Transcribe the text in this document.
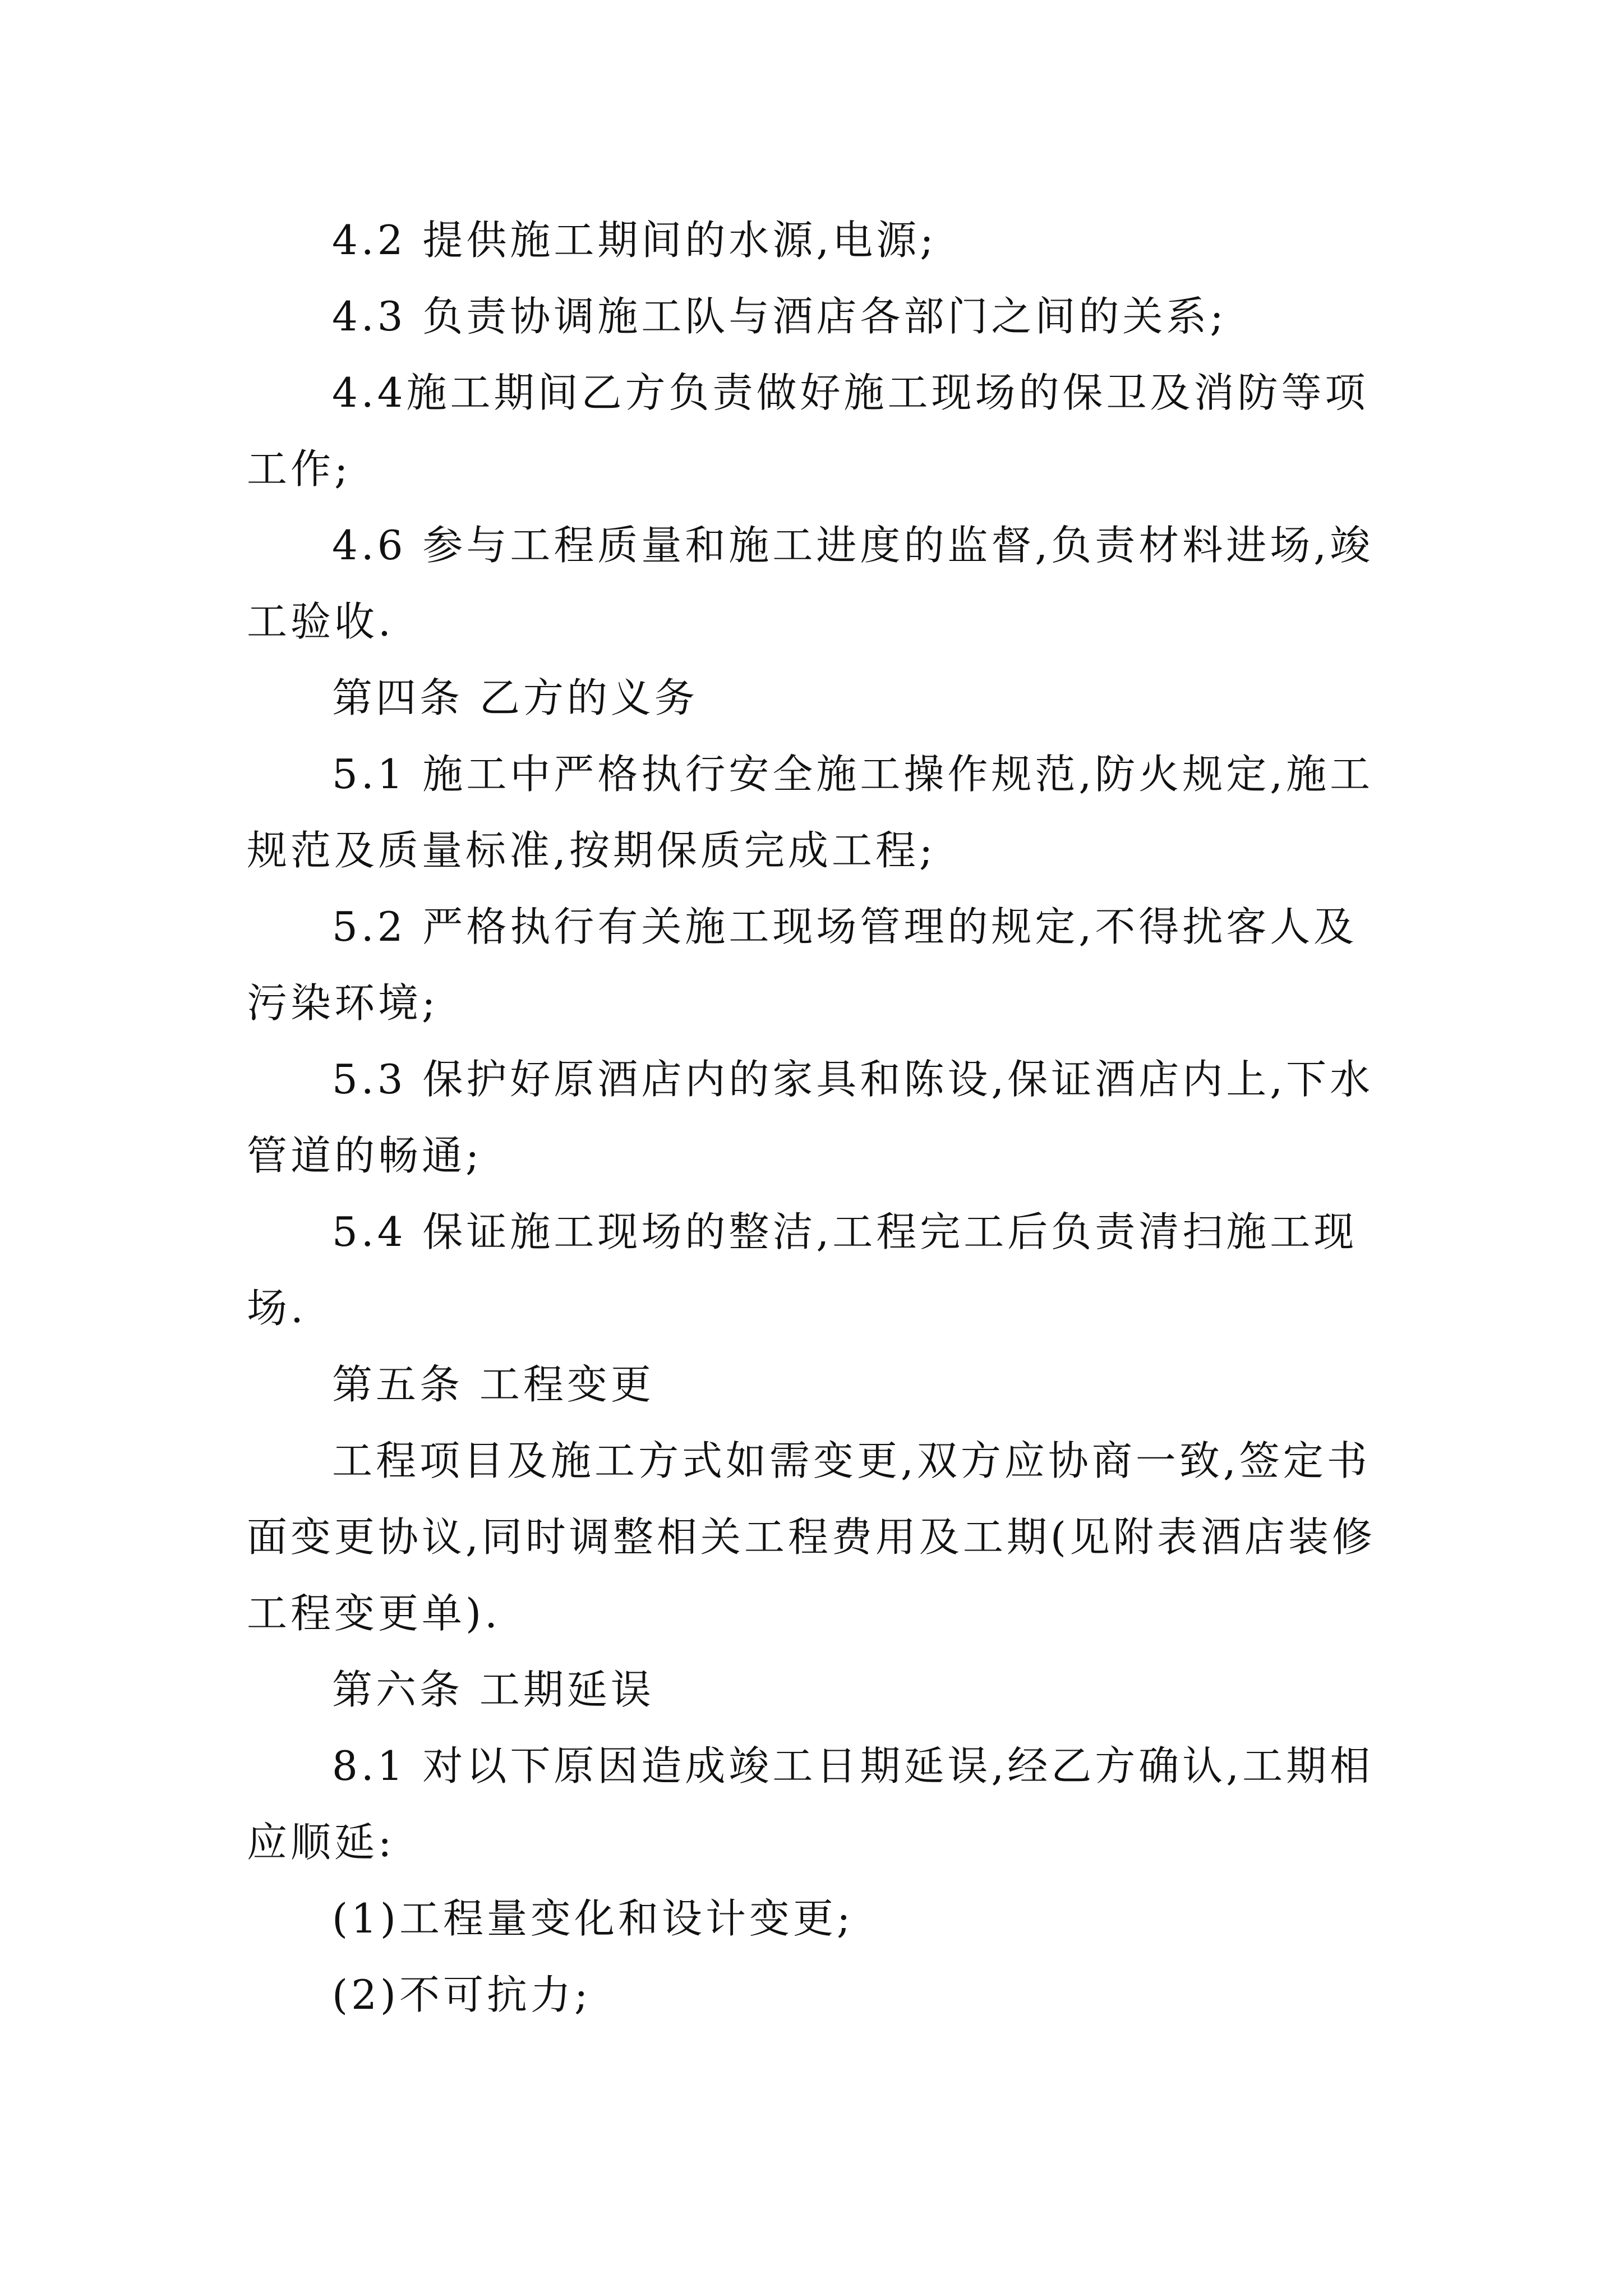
4.2 提供施工期间的水源,电源;

4.3 负责协调施工队与酒店各部门之间的关系;

4.4施工期间乙方负责做好施工现场的保卫及消防等项工作;

4.6 参与工程质量和施工进度的监督,负责材料进场,竣工验收.

第四条 乙方的义务

5.1 施工中严格执行安全施工操作规范,防火规定,施工规范及质量标准,按期保质完成工程;

5.2 严格执行有关施工现场管理的规定,不得扰客人及污染环境;

5.3 保护好原酒店内的家具和陈设,保证酒店内上,下水管道的畅通;

5.4 保证施工现场的整洁,工程完工后负责清扫施工现场.

第五条 工程变更

工程项目及施工方式如需变更,双方应协商一致,签定书面变更协议,同时调整相关工程费用及工期(见附表酒店装修工程变更单).

第六条 工期延误

8.1 对以下原因造成竣工日期延误,经乙方确认,工期相应顺延:

(1)工程量变化和设计变更;

(2)不可抗力;
